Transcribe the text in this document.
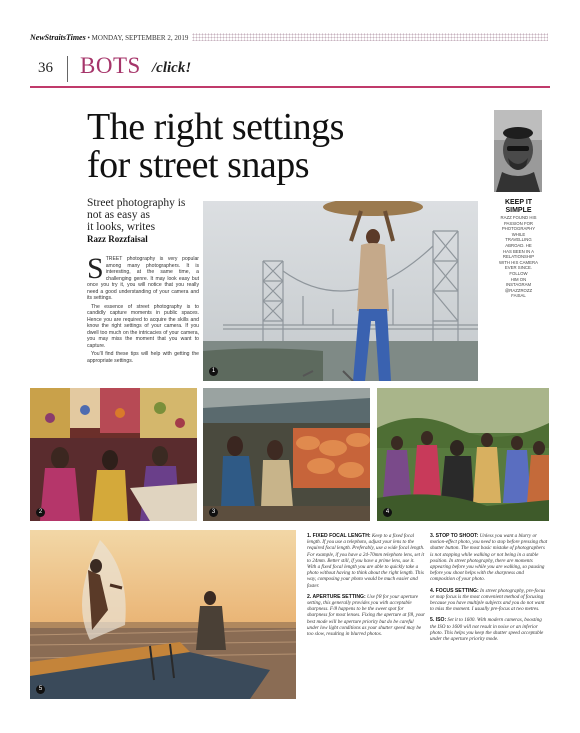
NewStraitsTimes • MONDAY, SEPTEMBER 2, 2019
36 BOTS /click!
The right settings
for street snaps
KEEP IT
SIMPLE
RAZZ FOUND HIS
PASSION FOR
PHOTOGRAPHY
WHILE
TRAVELLING
ABROAD. HE
HAS BEEN IN A
RELATIONSHIP
WITH HIS CAMERA
EVER SINCE.
FOLLOW
HIM ON
INSTAGRAM
@RAZZROZZ
FAISAL
Street photography is
not as easy as
it looks, writes
Razz Rozzfaisal

STREET photography is very popular among many photographers. It is interesting, at the same time, a challenging genre. It may look easy but once you try it, you will notice that you really need a good understanding of your camera and its settings.

The essence of street photography is to candidly capture moments in public spaces. Hence you are required to acquire the skills and know the right settings of your camera. If you dwell too much on the intricacies of your camera, you may miss the moment that you want to capture.

You'll find these tips will help with getting the appropriate settings.

1
2	3	4
5
1. FIXED FOCAL LENGTH: Keep to a fixed focal length. If you use a telephoto, adjust your lens to the required focal length. Preferably, use a wide focal length. For example, if you have a 24-70mm telephoto lens, set it to 24mm. Better still, if you have a prime lens, use it. With a fixed focal length you are able to quickly take a photo without having to think about the right length. This way, composing your photo would be much easier and faster.
2. APERTURE SETTING: Use f/8 for your aperture setting, this generally provides you with acceptable sharpness. F/8 happens to be the sweet spot for sharpness for most lenses. Fixing the aperture at f/8, your best mode will be aperture priority but do be careful under low light conditions as your shutter speed may be too slow, resulting in blurred photos.
3. STOP TO SHOOT: Unless you want a blurry or motion-effect photo, you need to stop before pressing that shutter button. The most basic mistake of photographers is not stopping while walking or not being in a stable position. In street photography, there are moments appearing before you while you are walking, so pausing before you shoot helps with the sharpness and composition of your photo.
4. FOCUS SETTING: In street photography, pre-focus or map focus is the most convenient method of focusing because you have multiple subjects and you do not want to miss the moment. I usually pre-focus at two metres.
5. ISO: Set it to 1600. With modern cameras, boosting the ISO to 1600 will not result in noise or an inferior photo. This helps you keep the shutter speed acceptable under the aperture priority mode.
